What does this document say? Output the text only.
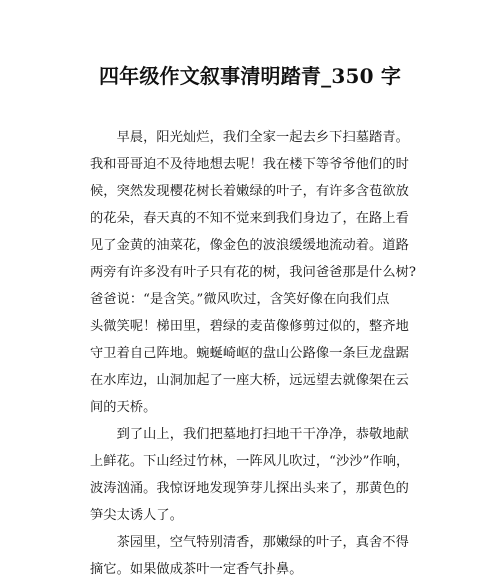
四年级作文叙事清明踏青_350 字
　　早晨，阳光灿烂，我们全家一起去乡下扫墓踏青。
我和哥哥迫不及待地想去呢！我在楼下等爷爷他们的时
候，突然发现樱花树长着嫩绿的叶子，有许多含苞欲放
的花朵，春天真的不知不觉来到我们身边了，在路上看
见了金黄的油菜花，像金色的波浪缓缓地流动着。道路
两旁有许多没有叶子只有花的树，我问爸爸那是什么树?
爸爸说：“是含笑。”微风吹过，含笑好像在向我们点
头微笑呢！梯田里，碧绿的麦苗像修剪过似的，整齐地
守卫着自己阵地。蜿蜒崎岖的盘山公路像一条巨龙盘踞
在水库边，山洞加起了一座大桥，远远望去就像架在云
间的天桥。
　　到了山上，我们把墓地打扫地干干净净，恭敬地献
上鲜花。下山经过竹林，一阵风儿吹过，“沙沙”作响，
波涛汹涌。我惊讶地发现笋芽儿探出头来了，那黄色的
笋尖太诱人了。
　　茶园里，空气特别清香，那嫩绿的叶子，真舍不得
摘它。如果做成茶叶一定香气扑鼻。
